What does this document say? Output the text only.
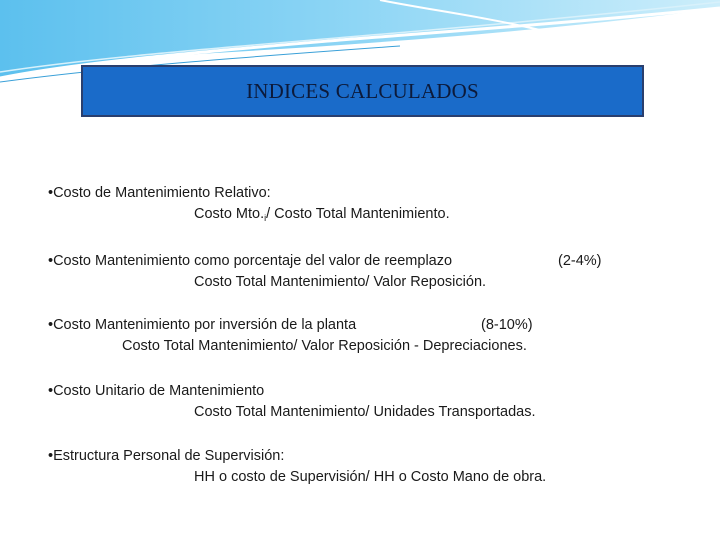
INDICES CALCULADOS
•Costo de Mantenimiento Relativo:
Costo $Mto._i/$ Costo Total Mantenimiento.
•Costo Mantenimiento como porcentaje del valor de reemplazo	(2-4%)
Costo Total Mantenimiento/ Valor Reposición.
•Costo Mantenimiento por inversión de la planta	(8-10%)
Costo Total Mantenimiento/ Valor Reposición - Depreciaciones.
•Costo Unitario de Mantenimiento
Costo Total Mantenimiento/ Unidades Transportadas.
•Estructura Personal de Supervisión:
HH o costo de Supervisión/ HH o Costo Mano de obra.
